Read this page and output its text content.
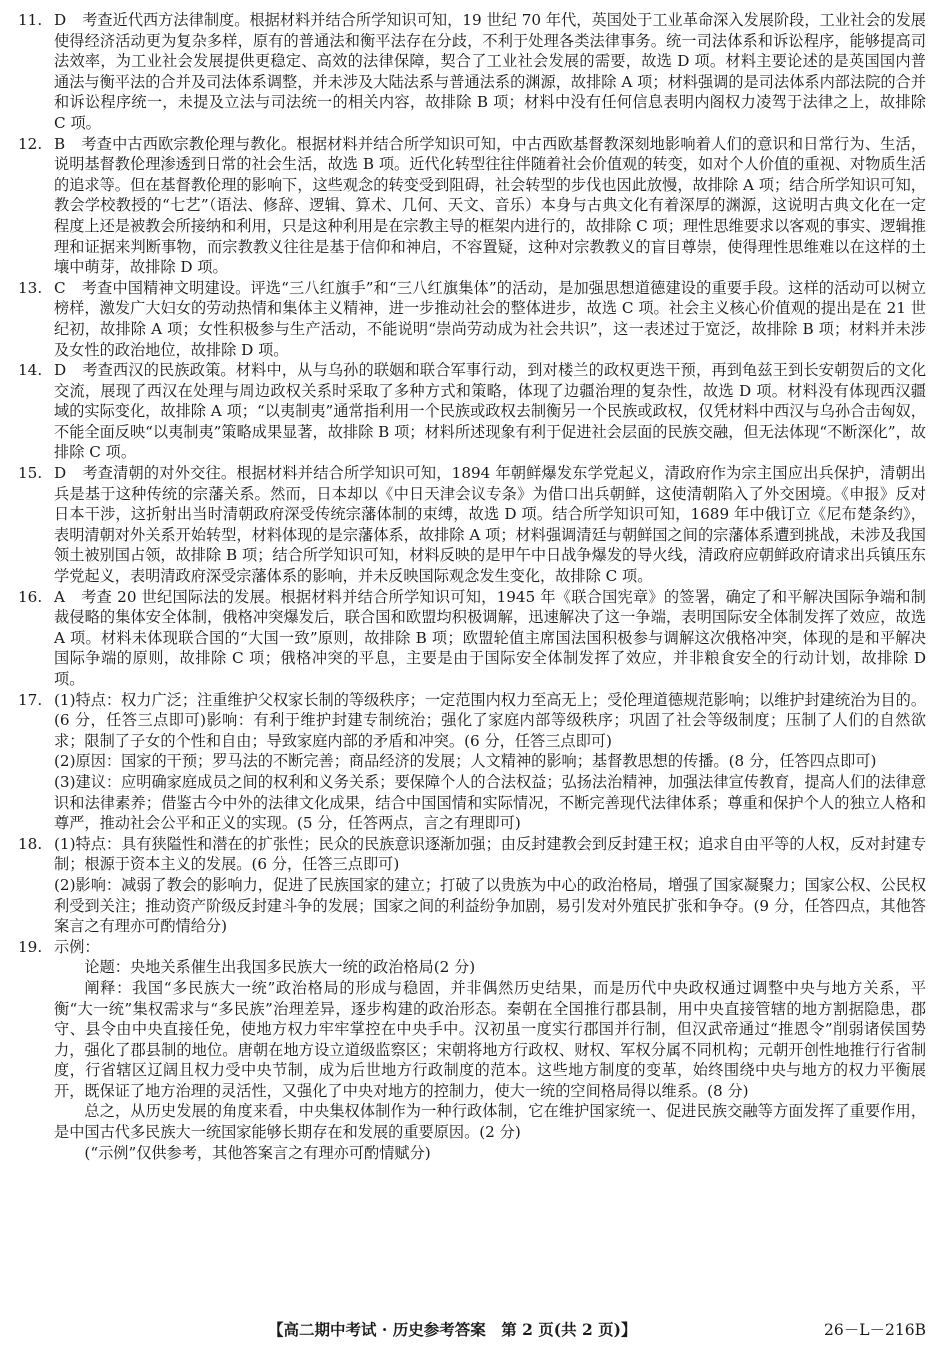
11. D 考查近代西方法律制度。根据材料并结合所学知识可知，19 世纪 70 年代，英国处于工业革命深入发展阶段，工业社会的发展使得经济活动更为复杂多样，原有的普通法和衡平法存在分歧，不利于处理各类法律事务。统一司法体系和诉讼程序，能够提高司法效率，为工业社会发展提供更稳定、高效的法律保障，契合了工业社会发展的需要，故选 D 项。材料主要论述的是英国国内普通法与衡平法的合并及司法体系调整，并未涉及大陆法系与普通法系的渊源，故排除 A 项；材料强调的是司法体系内部法院的合并和诉讼程序统一，未提及立法与司法统一的相关内容，故排除 B 项；材料中没有任何信息表明内阁权力凌驾于法律之上，故排除 C 项。
12. B 考查中古西欧宗教伦理与教化。根据材料并结合所学知识可知，中古西欧基督教深刻地影响着人们的意识和日常行为、生活，说明基督教伦理渗透到日常的社会生活，故选 B 项。近代化转型往往伴随着社会价值观的转变，如对个人价值的重视、对物质生活的追求等。但在基督教伦理的影响下，这些观念的转变受到阻碍，社会转型的步伐也因此放慢，故排除 A 项；结合所学知识可知，教会学校教授的“七艺”（语法、修辞、逻辑、算术、几何、天文、音乐）本身与古典文化有着深厚的渊源，这说明古典文化在一定程度上还是被教会所接纳和利用，只是这种利用是在宗教主导的框架内进行的，故排除 C 项；理性思维要求以客观的事实、逻辑推理和证据来判断事物，而宗教教义往往是基于信仰和神启，不容置疑，这种对宗教教义的盲目尊崇，使得理性思维难以在这样的土壤中萌芽，故排除 D 项。
13. C 考查中国精神文明建设。评选“三八红旗手”和“三八红旗集体”的活动，是加强思想道德建设的重要手段。这样的活动可以树立榜样，激发广大妇女的劳动热情和集体主义精神，进一步推动社会的整体进步，故选 C 项。社会主义核心价值观的提出是在 21 世纪初，故排除 A 项；女性积极参与生产活动，不能说明“崇尚劳动成为社会共识”，这一表述过于宽泛，故排除 B 项；材料并未涉及女性的政治地位，故排除 D 项。
14. D 考查西汉的民族政策。材料中，从与乌孙的联姻和联合军事行动，到对楼兰的政权更迭干预，再到龟兹王到长安朝贺后的文化交流，展现了西汉在处理与周边政权关系时采取了多种方式和策略，体现了边疆治理的复杂性，故选 D 项。材料没有体现西汉疆域的实际变化，故排除 A 项；“以夷制夷”通常指利用一个民族或政权去制衡另一个民族或政权，仅凭材料中西汉与乌孙合击匈奴，不能全面反映“以夷制夷”策略成果显著，故排除 B 项；材料所述现象有利于促进社会层面的民族交融，但无法体现“不断深化”，故排除 C 项。
15. D 考查清朝的对外交往。根据材料并结合所学知识可知，1894 年朝鲜爆发东学党起义，清政府作为宗主国应出兵保护，清朝出兵是基于这种传统的宗藩关系。然而，日本却以《中日天津会议专条》为借口出兵朝鲜，这使清朝陷入了外交困境。《申报》反对日本干涉，这折射出当时清朝政府深受传统宗藩体制的束缚，故选 D 项。结合所学知识可知，1689 年中俄订立《尼布楚条约》，表明清朝对外关系开始转型，材料体现的是宗藩体系，故排除 A 项；材料强调清廷与朝鲜国之间的宗藩体系遭到挑战，未涉及我国领土被别国占领，故排除 B 项；结合所学知识可知，材料反映的是甲午中日战争爆发的导火线，清政府应朝鲜政府请求出兵镇压东学党起义，表明清政府深受宗藩体系的影响，并未反映国际观念发生变化，故排除 C 项。
16. A 考查 20 世纪国际法的发展。根据材料并结合所学知识可知，1945 年《联合国宪章》的签署，确定了和平解决国际争端和制裁侵略的集体安全体制，俄格冲突爆发后，联合国和欧盟均积极调解，迅速解决了这一争端，表明国际安全体制发挥了效应，故选 A 项。材料未体现联合国的“大国一致”原则，故排除 B 项；欧盟轮值主席国法国积极参与调解这次俄格冲突，体现的是和平解决国际争端的原则，故排除 C 项；俄格冲突的平息，主要是由于国际安全体制发挥了效应，并非粮食安全的行动计划，故排除 D 项。
17. (1)特点：权力广泛；注重维护父权家长制的等级秩序；一定范围内权力至高无上；受伦理道德规范影响；以维护封建统治为目的。(6 分，任答三点即可)影响：有利于维护封建专制统治；强化了家庭内部等级秩序；巩固了社会等级制度；压制了人们的自然欲求；限制了子女的个性和自由；导致家庭内部的矛盾和冲突。(6 分，任答三点即可)
(2)原因：国家的干预；罗马法的不断完善；商品经济的发展；人文精神的影响；基督教思想的传播。(8 分，任答四点即可)
(3)建议：应明确家庭成员之间的权利和义务关系；要保障个人的合法权益；弘扬法治精神，加强法律宣传教育，提高人们的法律意识和法律素养；借鉴古今中外的法律文化成果，结合中国国情和实际情况，不断完善现代法律体系；尊重和保护个人的独立人格和尊严，推动社会公平和正义的实现。(5 分，任答两点，言之有理即可)
18. (1)特点：具有狭隘性和潜在的扩张性；民众的民族意识逐渐加强；由反封建教会到反封建王权；追求自由平等的人权，反对封建专制；根源于资本主义的发展。(6 分，任答三点即可)
(2)影响：减弱了教会的影响力，促进了民族国家的建立；打破了以贵族为中心的政治格局，增强了国家凝聚力；国家公权、公民权利受到关注；推动资产阶级反封建斗争的发展；国家之间的利益纷争加剧，易引发对外殖民扩张和争夺。(9 分，任答四点，其他答案言之有理亦可酌情给分)
19. 示例：
论题：央地关系催生出我国多民族大一统的政治格局(2 分)
阐释：我国“多民族大一统”政治格局的形成与稳固，并非偶然历史结果，而是历代中央政权通过调整中央与地方关系，平衡“大一统”集权需求与“多民族”治理差异，逐步构建的政治形态。秦朝在全国推行郡县制，用中央直接管辖的地方割据隐患，郡守、县令由中央直接任免，使地方权力牢牢掌控在中央手中。汉初虽一度实行郡国并行制，但汉武帝通过“推恩令”削弱诸侯国势力，强化了郡县制的地位。唐朝在地方设立道级监察区；宋朝将地方行政权、财权、军权分属不同机构；元朝开创性地推行行省制度，行省辖区辽阔且权力受中央节制，成为后世地方行政制度的范本。这些地方制度的变革，始终围绕中央与地方的权力平衡展开，既保证了地方治理的灵活性，又强化了中央对地方的控制力，使大一统的空间格局得以维系。(8 分)
总之，从历史发展的角度来看，中央集权体制作为一种行政体制，它在维护国家统一、促进民族交融等方面发挥了重要作用，是中国古代多民族大一统国家能够长期存在和发展的重要原因。(2 分)
(“示例”仅供参考，其他答案言之有理亦可酌情赋分)
【高二期中考试 · 历史参考答案　第 2 页(共 2 页)】	26－L－216B
